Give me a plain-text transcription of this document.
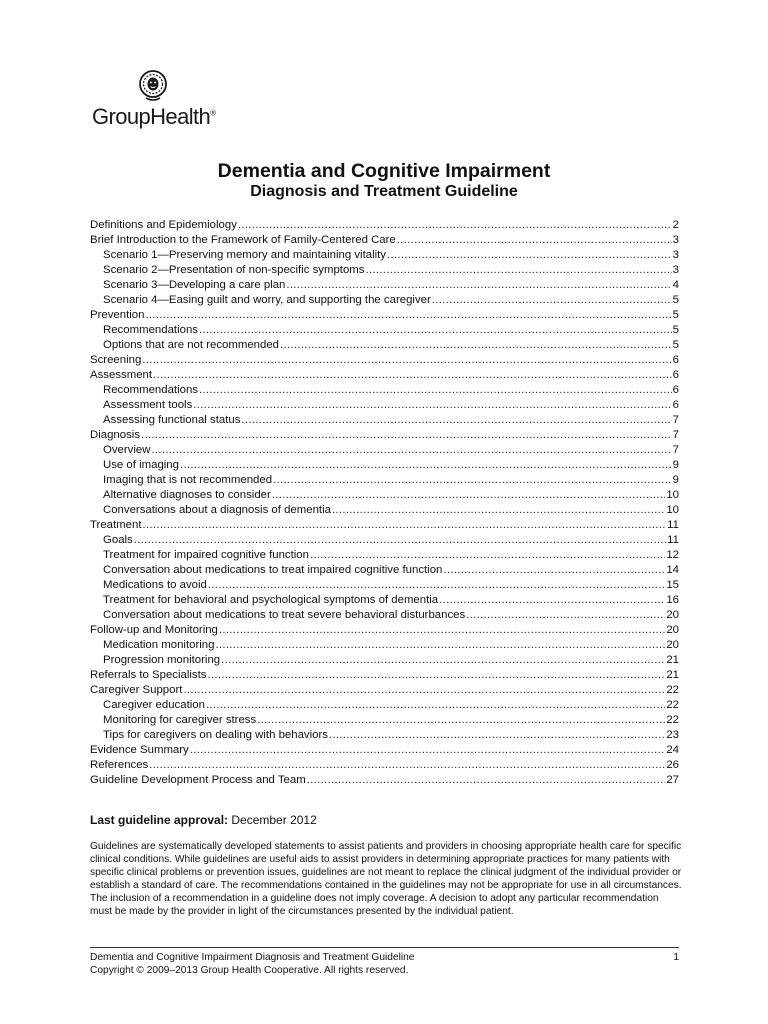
GroupHealth®
Dementia and Cognitive Impairment
Diagnosis and Treatment Guideline
Definitions and Epidemiology .....	2
Brief Introduction to the Framework of Family-Centered Care .....	3
Scenario 1—Preserving memory and maintaining vitality .....	3
Scenario 2—Presentation of non-specific symptoms .....	3
Scenario 3—Developing a care plan .....	4
Scenario 4—Easing guilt and worry, and supporting the caregiver .....	5
Prevention .....	5
Recommendations .....	5
Options that are not recommended .....	5
Screening .....	6
Assessment .....	6
Recommendations .....	6
Assessment tools .....	6
Assessing functional status .....	7
Diagnosis .....	7
Overview .....	7
Use of imaging .....	9
Imaging that is not recommended .....	9
Alternative diagnoses to consider .....	10
Conversations about a diagnosis of dementia .....	10
Treatment .....	11
Goals .....	11
Treatment for impaired cognitive function .....	12
Conversation about medications to treat impaired cognitive function .....	14
Medications to avoid .....	15
Treatment for behavioral and psychological symptoms of dementia .....	16
Conversation about medications to treat severe behavioral disturbances .....	20
Follow-up and Monitoring .....	20
Medication monitoring .....	20
Progression monitoring .....	21
Referrals to Specialists .....	21
Caregiver Support .....	22
Caregiver education .....	22
Monitoring for caregiver stress .....	22
Tips for caregivers on dealing with behaviors .....	23
Evidence Summary .....	24
References .....	26
Guideline Development Process and Team .....	27
Last guideline approval: December 2012
Guidelines are systematically developed statements to assist patients and providers in choosing appropriate health care for specific clinical conditions. While guidelines are useful aids to assist providers in determining appropriate practices for many patients with specific clinical problems or prevention issues, guidelines are not meant to replace the clinical judgment of the individual provider or establish a standard of care. The recommendations contained in the guidelines may not be appropriate for use in all circumstances. The inclusion of a recommendation in a guideline does not imply coverage. A decision to adopt any particular recommendation must be made by the provider in light of the circumstances presented by the individual patient.
Dementia and Cognitive Impairment Diagnosis and Treatment Guideline	1
Copyright © 2009–2013 Group Health Cooperative. All rights reserved.
